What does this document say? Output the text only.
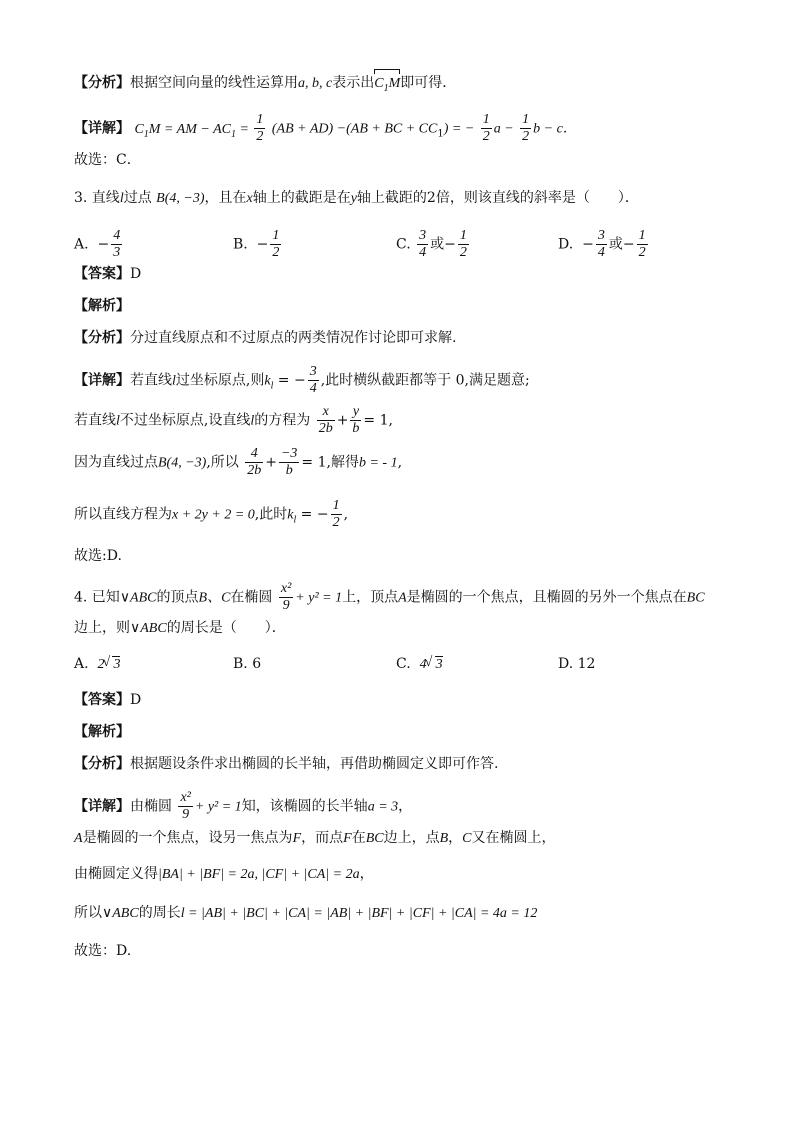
【分析】根据空间向量的线性运算用a, b, c表示出$C_1M$即可得．
【详解】 $C_1M$ = AM − $AC_1 = \frac{1}{2} (AB + AD) -(AB$ + BC + $CC_1$) = − $\frac{1}{2}$ $a - \frac{1}{2}$ b − c．
故选：C．
3. 直线l过点 B(4, −3)，且在x轴上的截距是在y轴上截距的2倍，则该直线的斜率是（　　）．
A.  − $\frac{4}{3}$	B.  − $\frac{1}{2}$	C. $\frac{3}{4}$ 或− $\frac{1}{2}$	D.  − $\frac{3}{4}$ 或− $\frac{1}{2}$
【答案】D
【解析】
【分析】分过直线原点和不过原点的两类情况作讨论即可求解.
【详解】若直线l过坐标原点,则$k_l$ = − $\frac{3}{4}$ ,此时横纵截距都等于 0,满足题意;
若直线l不过坐标原点,设直线l的方程为 $\frac{x}{2b} + \frac{y}{b} = 1$,
因为直线过点B(4, −3),所以 $\frac{4}{2b} + \frac{-3}{b} = 1$,解得b = - 1,
所以直线方程为x + 2y + 2 = 0,此时$k_l$ = − $\frac{1}{2}$ ,
故选:D.
4. 已知∨ABC的顶点B、C在椭圆 $\frac{\text{x²}}{9} + y^2 = 1$上，顶点A是椭圆的一个焦点，且椭圆的另外一个焦点在BC
边上，则∨ABC的周长是（　　）．
A. 2 √ 3	B. 6	C. 4 √ 3	D. 12
【答案】D
【解析】
【分析】根据题设条件求出椭圆的长半轴，再借助椭圆定义即可作答.
【详解】由椭圆 $\frac{\text{x²}}{9} + y^2 = 1$知，该椭圆的长半轴a = 3，
A是椭圆的一个焦点，设另一焦点为F，而点F在BC边上，点B，C又在椭圆上，
由椭圆定义得|BA| + |BF| = 2a, |CF| + |CA| = 2a，
所以∨ABC的周长l = |AB| + |BC| + |CA| = |AB| + |BF| + |CF| + |CA| = 4a = 12
故选：D.
